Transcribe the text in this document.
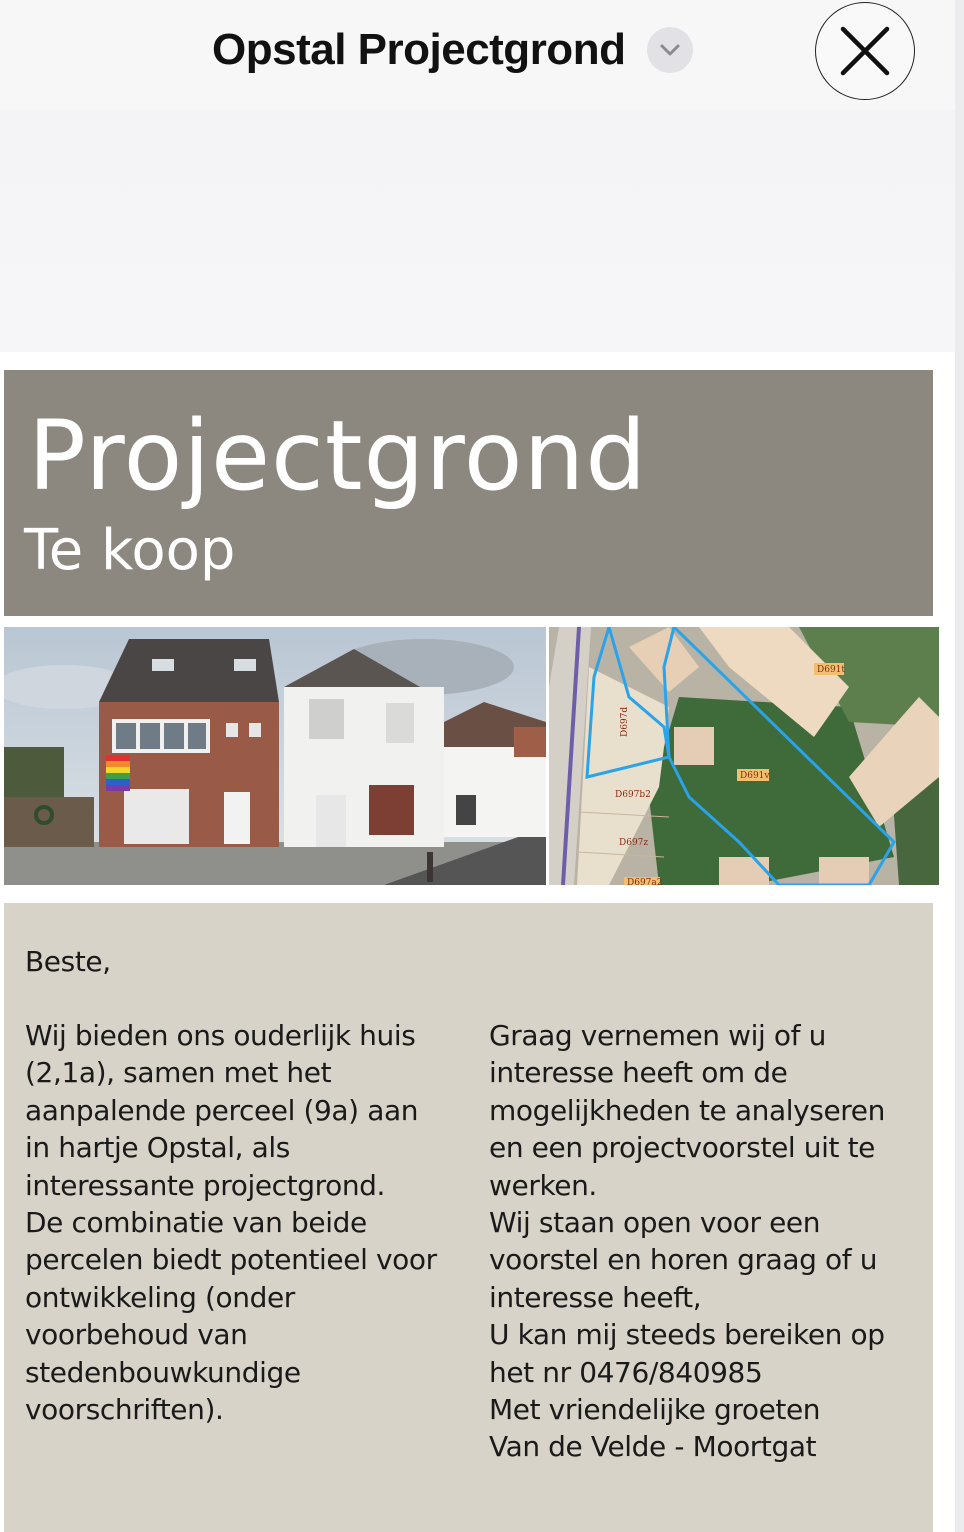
Opstal Projectgrond
Projectgrond
Te koop
D691t
D691v
D697d
D697b2
D697z
D697a2
Beste,
Wij bieden ons ouderlijk huis
(2,1a), samen met het
aanpalende perceel (9a) aan
in hartje Opstal, als
interessante projectgrond.
De combinatie van beide
percelen biedt potentieel voor
ontwikkeling (onder
voorbehoud van
stedenbouwkundige
voorschriften).
Graag vernemen wij of u
interesse heeft om de
mogelijkheden te analyseren
en een projectvoorstel uit te
werken.
Wij staan open voor een
voorstel en horen graag of u
interesse heeft,
U kan mij steeds bereiken op
het nr 0476/840985
Met vriendelijke groeten
Van de Velde - Moortgat
